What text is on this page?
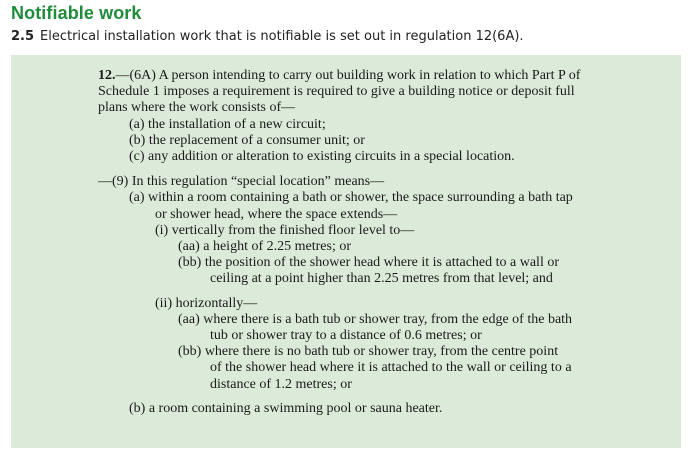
Notifiable work
2.5 Electrical installation work that is notifiable is set out in regulation 12(6A).
12.—(6A) A person intending to carry out building work in relation to which Part P of
Schedule 1 imposes a requirement is required to give a building notice or deposit full
plans where the work consists of—
(a) the installation of a new circuit;
(b) the replacement of a consumer unit; or
(c) any addition or alteration to existing circuits in a special location.
—(9) In this regulation “special location” means—
(a) within a room containing a bath or shower, the space surrounding a bath tap
or shower head, where the space extends—
(i) vertically from the finished floor level to—
(aa) a height of 2.25 metres; or
(bb) the position of the shower head where it is attached to a wall or
ceiling at a point higher than 2.25 metres from that level; and
(ii) horizontally—
(aa) where there is a bath tub or shower tray, from the edge of the bath
tub or shower tray to a distance of 0.6 metres; or
(bb) where there is no bath tub or shower tray, from the centre point
of the shower head where it is attached to the wall or ceiling to a
distance of 1.2 metres; or
(b) a room containing a swimming pool or sauna heater.
